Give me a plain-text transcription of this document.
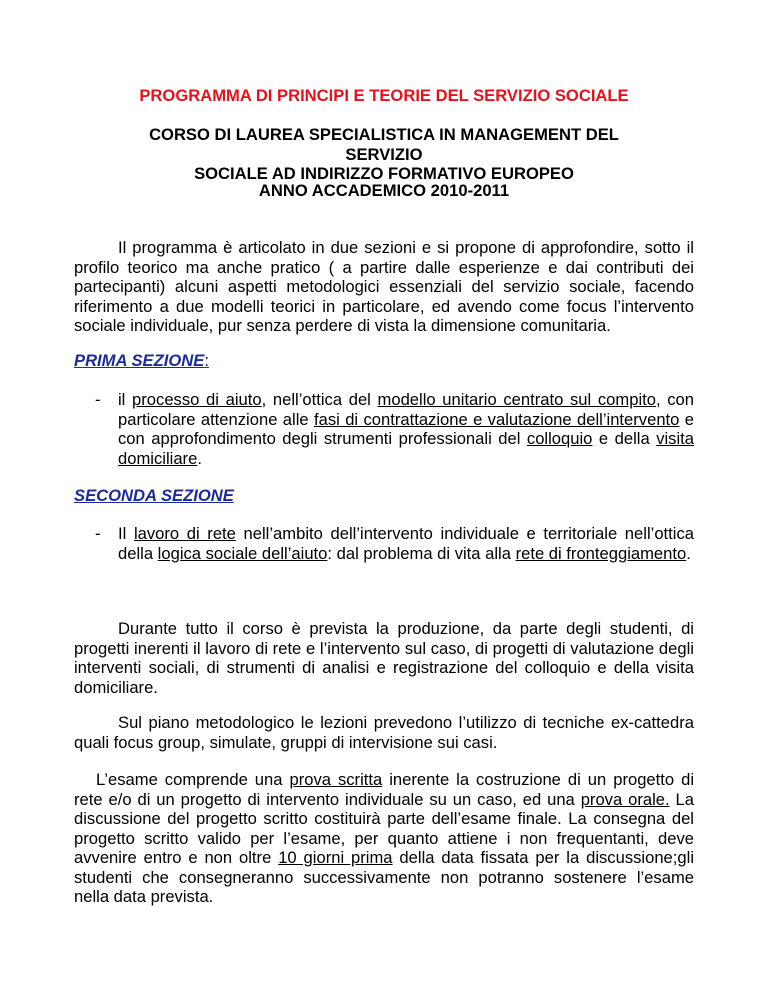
PROGRAMMA DI PRINCIPI E TEORIE DEL SERVIZIO SOCIALE
CORSO DI LAUREA SPECIALISTICA IN MANAGEMENT DEL SERVIZIO
SOCIALE AD INDIRIZZO FORMATIVO EUROPEO
ANNO ACCADEMICO 2010-2011
Il programma è articolato in due sezioni e si propone di approfondire, sotto il profilo teorico ma anche pratico ( a partire dalle esperienze e dai contributi dei partecipanti) alcuni aspetti metodologici essenziali del servizio sociale, facendo riferimento a due modelli teorici in particolare, ed avendo come focus l’intervento sociale individuale, pur senza perdere di vista la dimensione comunitaria.
PRIMA SEZIONE:
- il processo di aiuto, nell’ottica del modello unitario centrato sul compito, con particolare attenzione alle fasi di contrattazione e valutazione dell’intervento e con approfondimento degli strumenti professionali del colloquio e della visita domiciliare.
SECONDA SEZIONE
- Il lavoro di rete nell’ambito dell’intervento individuale e territoriale nell’ottica della logica sociale dell’aiuto: dal problema di vita alla rete di fronteggiamento.
Durante tutto il corso è prevista la produzione, da parte degli studenti, di progetti inerenti il lavoro di rete e l’intervento sul caso, di progetti di valutazione degli interventi sociali, di strumenti di analisi e registrazione del colloquio e della visita domiciliare.
Sul piano metodologico le lezioni prevedono l’utilizzo di tecniche ex-cattedra quali focus group, simulate, gruppi di intervisione sui casi.
L’esame comprende una prova scritta inerente la costruzione di un progetto di rete e/o di un progetto di intervento individuale su un caso, ed una prova orale. La discussione del progetto scritto costituirà parte dell’esame finale. La consegna del progetto scritto valido per l’esame, per quanto attiene i non frequentanti, deve avvenire entro e non oltre 10 giorni prima della data fissata per la discussione;gli studenti che consegneranno successivamente non potranno sostenere l’esame nella data prevista.
